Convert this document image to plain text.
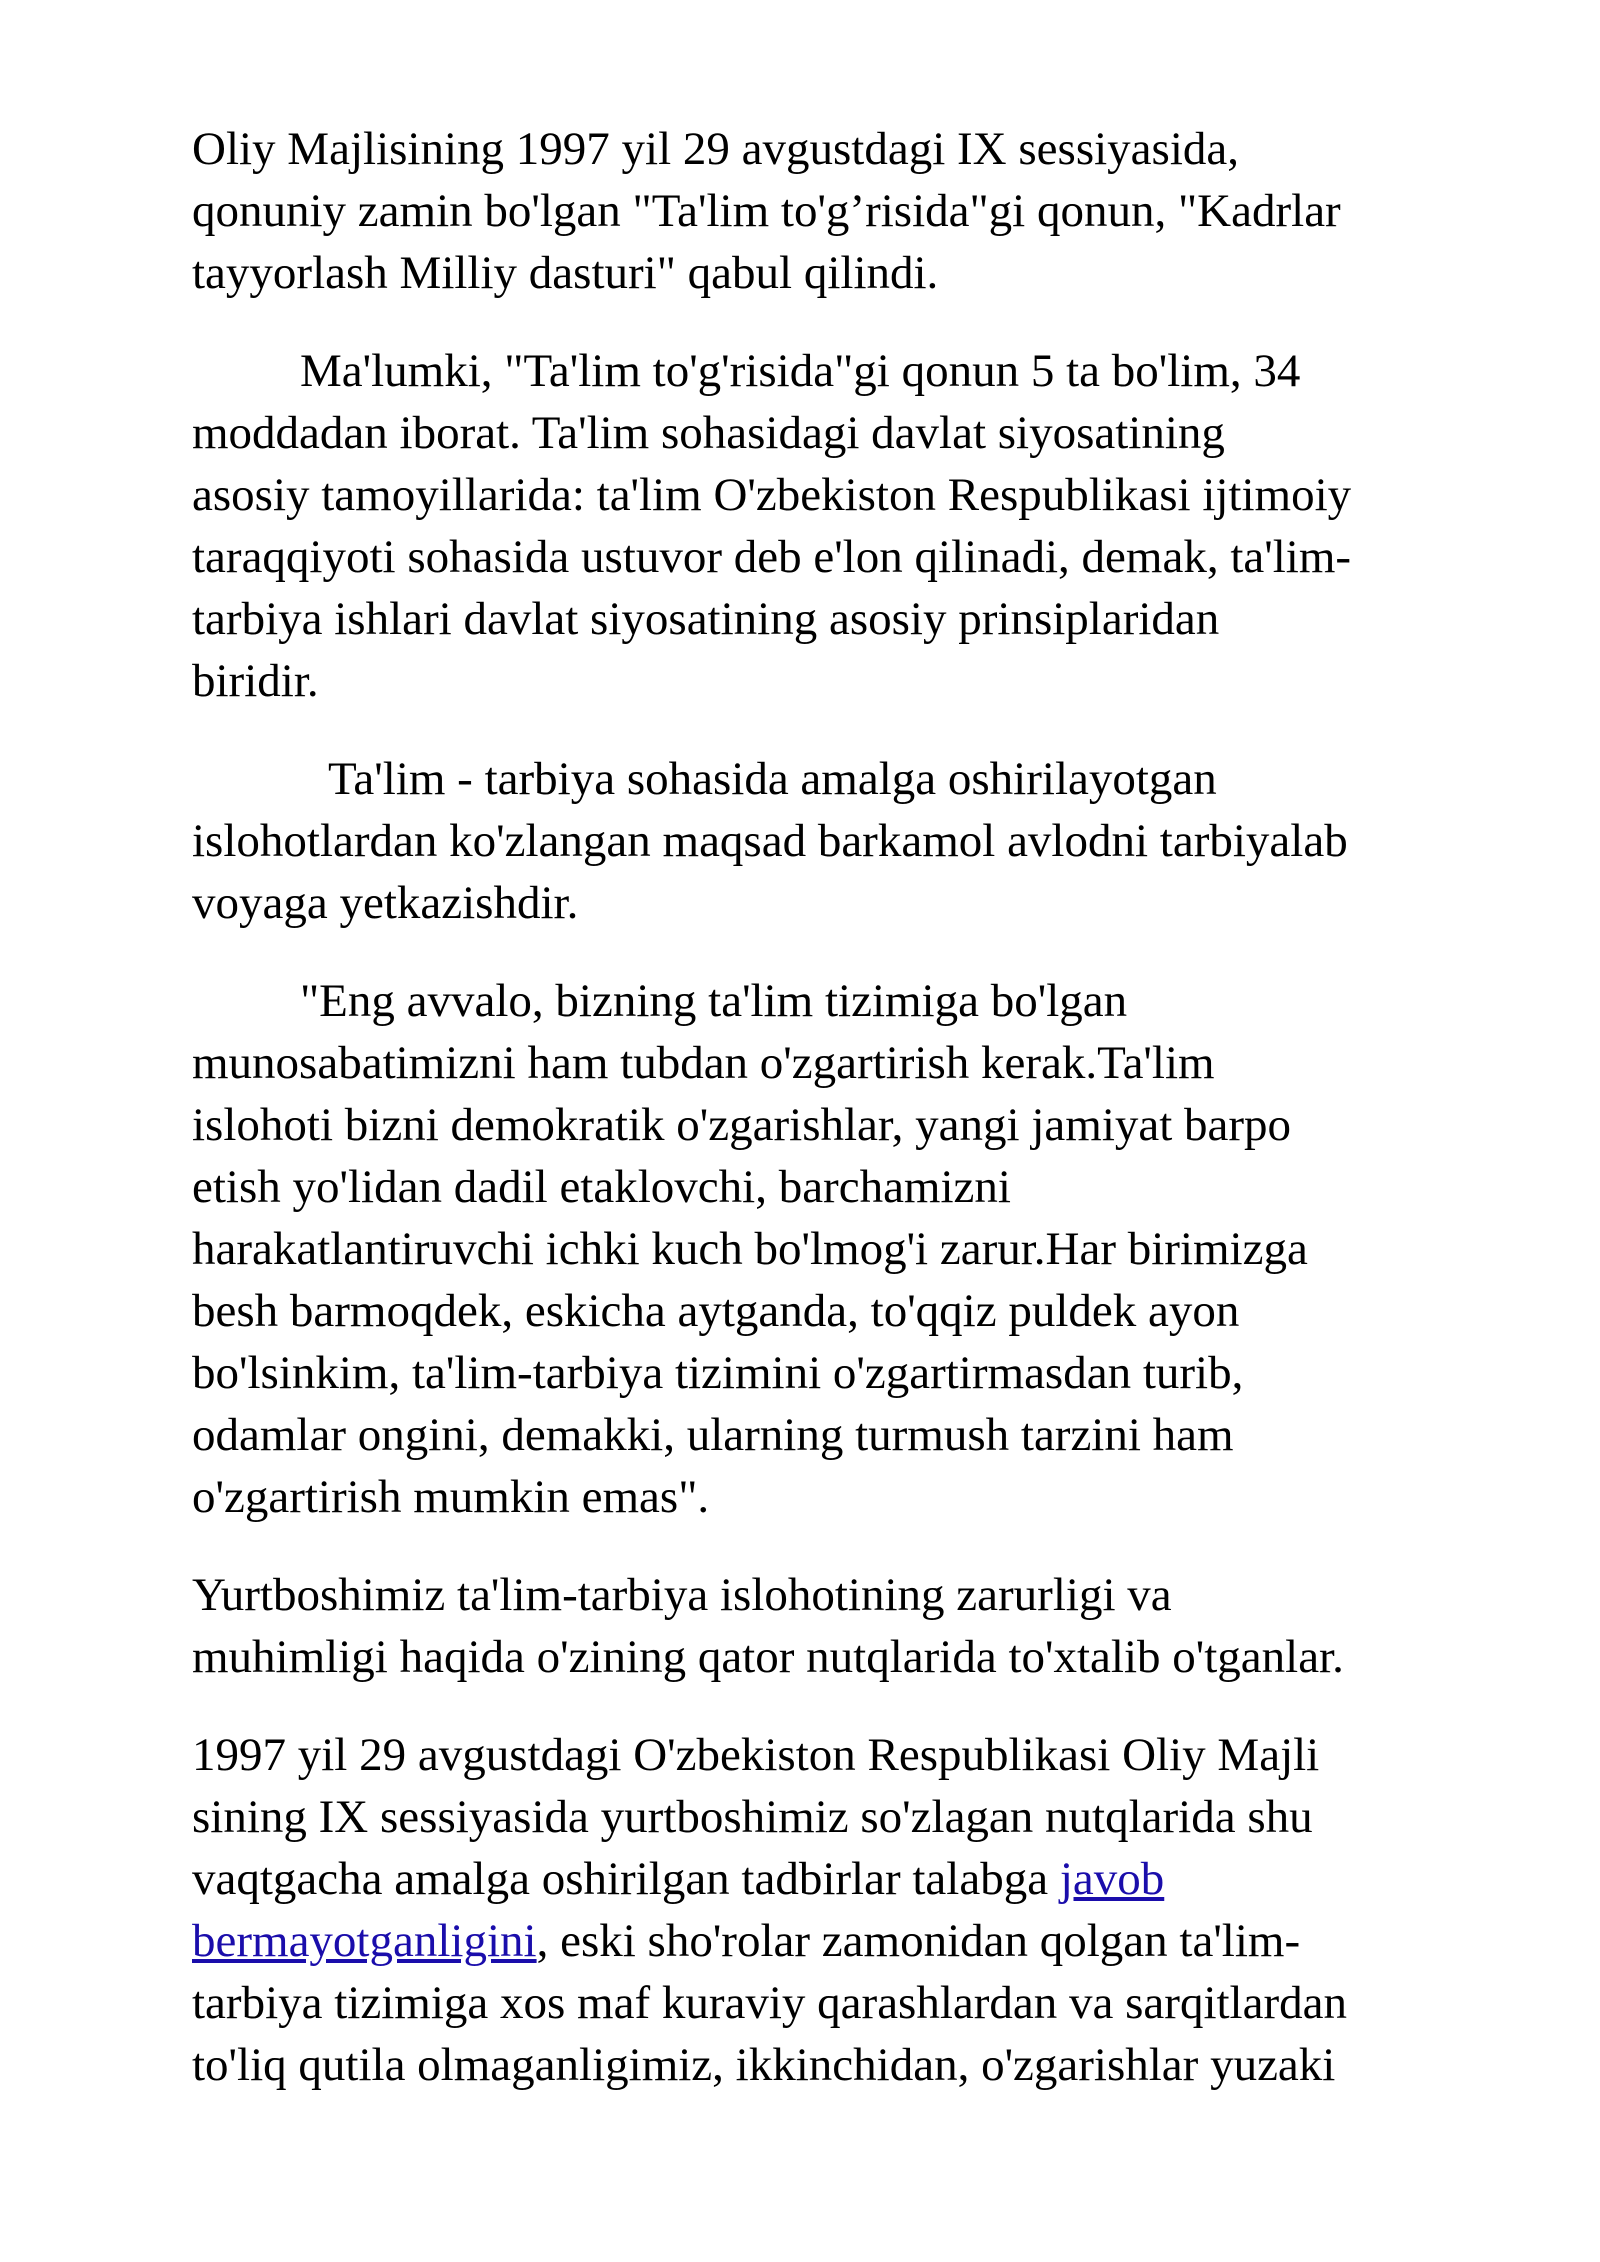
Oliy Majlisining 1997 yil 29 avgustdagi IX sessiyasida,
qonuniy zamin bo'lgan "Ta'lim to'g’risida"gi qonun, "Kadrlar
tayyorlash Milliy dasturi" qabul qilindi.

Ma'lumki, "Ta'lim to'g'risida"gi qonun 5 ta bo'lim, 34
moddadan iborat. Ta'lim sohasidagi davlat siyosatining
asosiy tamoyillarida: ta'lim O'zbekiston Respublikasi ijtimoiy
taraqqiyoti sohasida ustuvor deb e'lon qilinadi, demak, ta'lim-
tarbiya ishlari davlat siyosatining asosiy prinsiplaridan
biridir.

Ta'lim - tarbiya sohasida amalga oshirilayotgan
islohotlardan ko'zlangan maqsad barkamol avlodni tarbiyalab
voyaga yetkazishdir.

"Eng avvalo, bizning ta'lim tizimiga bo'lgan
munosabatimizni ham tubdan o'zgartirish kerak.Ta'lim
islohoti bizni demokratik o'zgarishlar, yangi jamiyat barpo
etish yo'lidan dadil etaklovchi, barchamizni
harakatlantiruvchi ichki kuch bo'lmog'i zarur.Har birimizga
besh barmoqdek, eskicha aytganda, to'qqiz puldek ayon
bo'lsinkim, ta'lim-tarbiya tizimini o'zgartirmasdan turib,
odamlar ongini, demakki, ularning turmush tarzini ham
o'zgartirish mumkin emas".

Yurtboshimiz ta'lim-tarbiya islohotining zarurligi va
muhimligi haqida o'zining qator nutqlarida to'xtalib o'tganlar.

1997 yil 29 avgustdagi O'zbekiston Respublikasi Oliy Majli
sining IX sessiyasida yurtboshimiz so'zlagan nutqlarida shu
vaqtgacha amalga oshirilgan tadbirlar talabga javob
bermayotganligini, eski sho'rolar zamonidan qolgan ta'lim-
tarbiya tizimiga xos maf kuraviy qarashlardan va sarqitlardan
to'liq qutila olmaganligimiz, ikkinchidan, o'zgarishlar yuzaki
